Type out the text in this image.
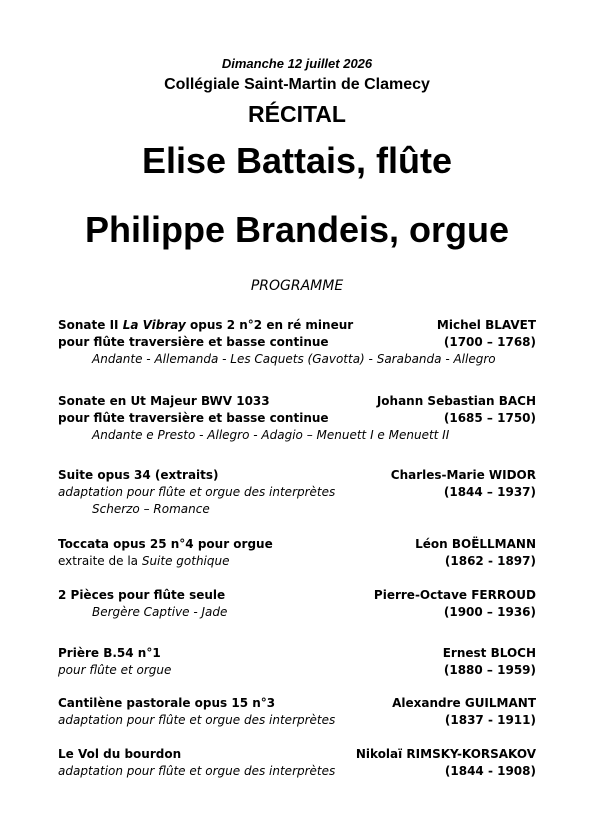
Dimanche 12 juillet 2026
Collégiale Saint-Martin de Clamecy
RÉCITAL
Elise Battais, flûte
Philippe Brandeis, orgue
PROGRAMME
Sonate II La Vibray opus 2 n°2 en ré mineur	Michel BLAVET
pour flûte traversière et basse continue	(1700 – 1768)
Andante - Allemanda - Les Caquets (Gavotta) - Sarabanda - Allegro
Sonate en Ut Majeur BWV 1033	Johann Sebastian BACH
pour flûte traversière et basse continue	(1685 – 1750)
Andante e Presto - Allegro - Adagio – Menuett I e Menuett II
Suite opus 34 (extraits)	Charles-Marie WIDOR
adaptation pour flûte et orgue des interprètes	(1844 – 1937)
Scherzo – Romance
Toccata opus 25 n°4 pour orgue	Léon BOËLLMANN
extraite de la Suite gothique	(1862 - 1897)
2 Pièces pour flûte seule	Pierre-Octave FERROUD
Bergère Captive - Jade	(1900 – 1936)
Prière B.54 n°1	Ernest BLOCH
pour flûte et orgue	(1880 – 1959)
Cantilène pastorale opus 15 n°3	Alexandre GUILMANT
adaptation pour flûte et orgue des interprètes	(1837 - 1911)
Le Vol du bourdon	Nikolaï RIMSKY-KORSAKOV
adaptation pour flûte et orgue des interprètes	(1844 - 1908)
